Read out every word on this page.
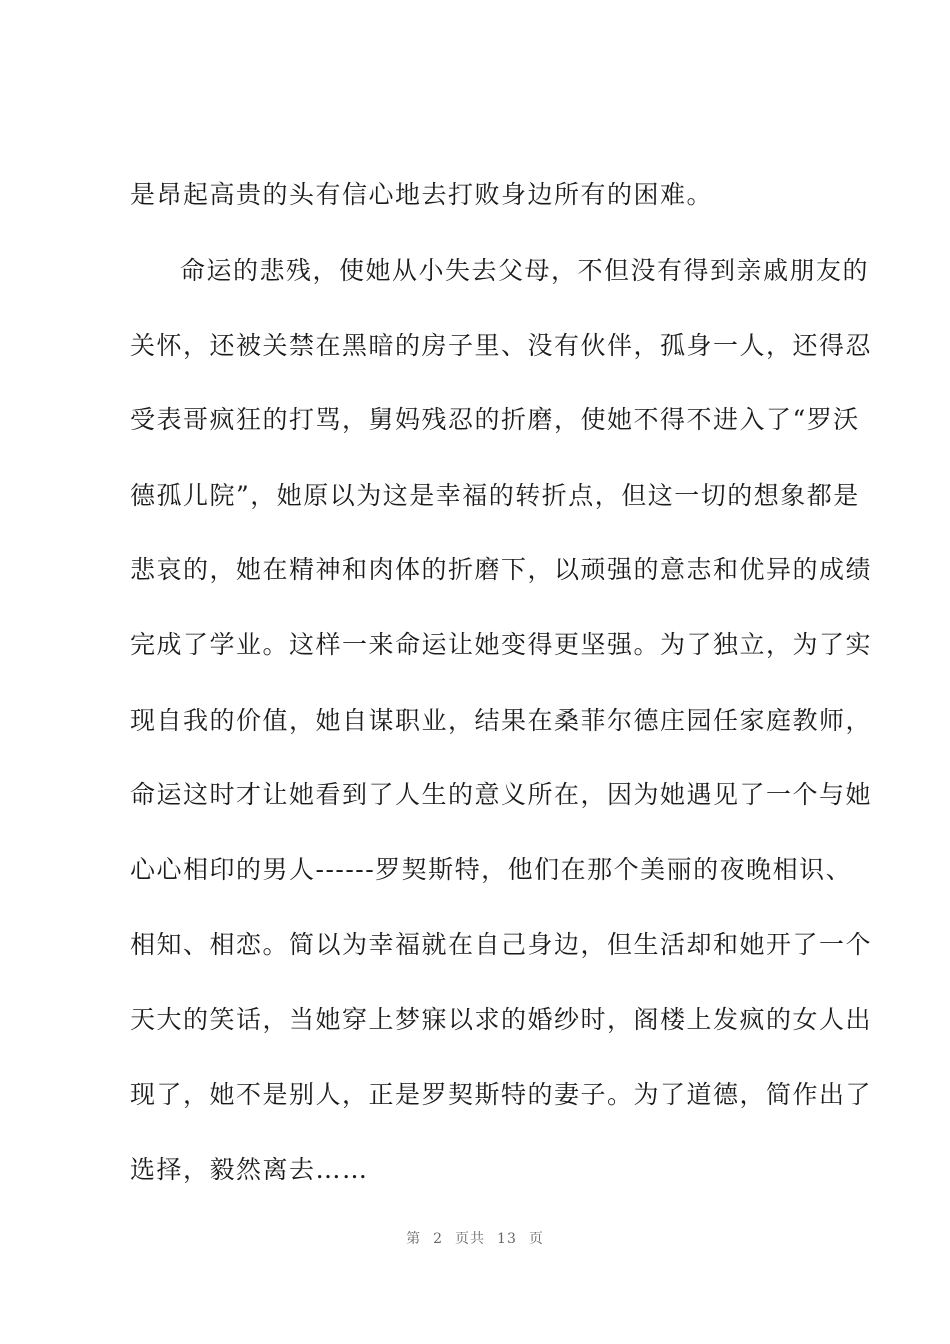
是昂起高贵的头有信心地去打败身边所有的困难。
命运的悲残，使她从小失去父母，不但没有得到亲戚朋友的
关怀，还被关禁在黑暗的房子里、没有伙伴，孤身一人，还得忍
受表哥疯狂的打骂，舅妈残忍的折磨，使她不得不进入了“罗沃
德孤儿院”，她原以为这是幸福的转折点，但这一切的想象都是
悲哀的，她在精神和肉体的折磨下，以顽强的意志和优异的成绩
完成了学业。这样一来命运让她变得更坚强。为了独立，为了实
现自我的价值，她自谋职业，结果在桑菲尔德庄园任家庭教师，
命运这时才让她看到了人生的意义所在，因为她遇见了一个与她
心心相印的男人------罗契斯特，他们在那个美丽的夜晚相识、
相知、相恋。简以为幸福就在自己身边，但生活却和她开了一个
天大的笑话，当她穿上梦寐以求的婚纱时，阁楼上发疯的女人出
现了，她不是别人，正是罗契斯特的妻子。为了道德，简作出了
选择，毅然离去……
第 2 页共 13 页
